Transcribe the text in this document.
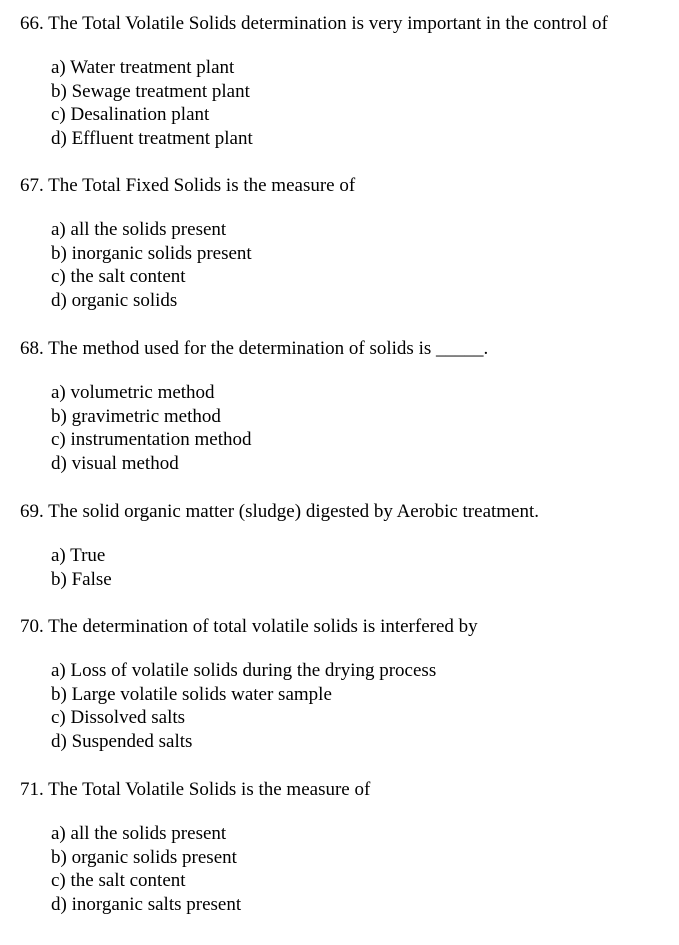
66. The Total Volatile Solids determination is very important in the control of
a) Water treatment plant
b) Sewage treatment plant
c) Desalination plant
d) Effluent treatment plant
67. The Total Fixed Solids is the measure of
a) all the solids present
b) inorganic solids present
c) the salt content
d) organic solids
68. The method used for the determination of solids is _____.
a) volumetric method
b) gravimetric method
c) instrumentation method
d) visual method
69. The solid organic matter (sludge) digested by Aerobic treatment.
a) True
b) False
70. The determination of total volatile solids is interfered by
a) Loss of volatile solids during the drying process
b) Large volatile solids water sample
c) Dissolved salts
d) Suspended salts
71. The Total Volatile Solids is the measure of
a) all the solids present
b) organic solids present
c) the salt content
d) inorganic salts present
